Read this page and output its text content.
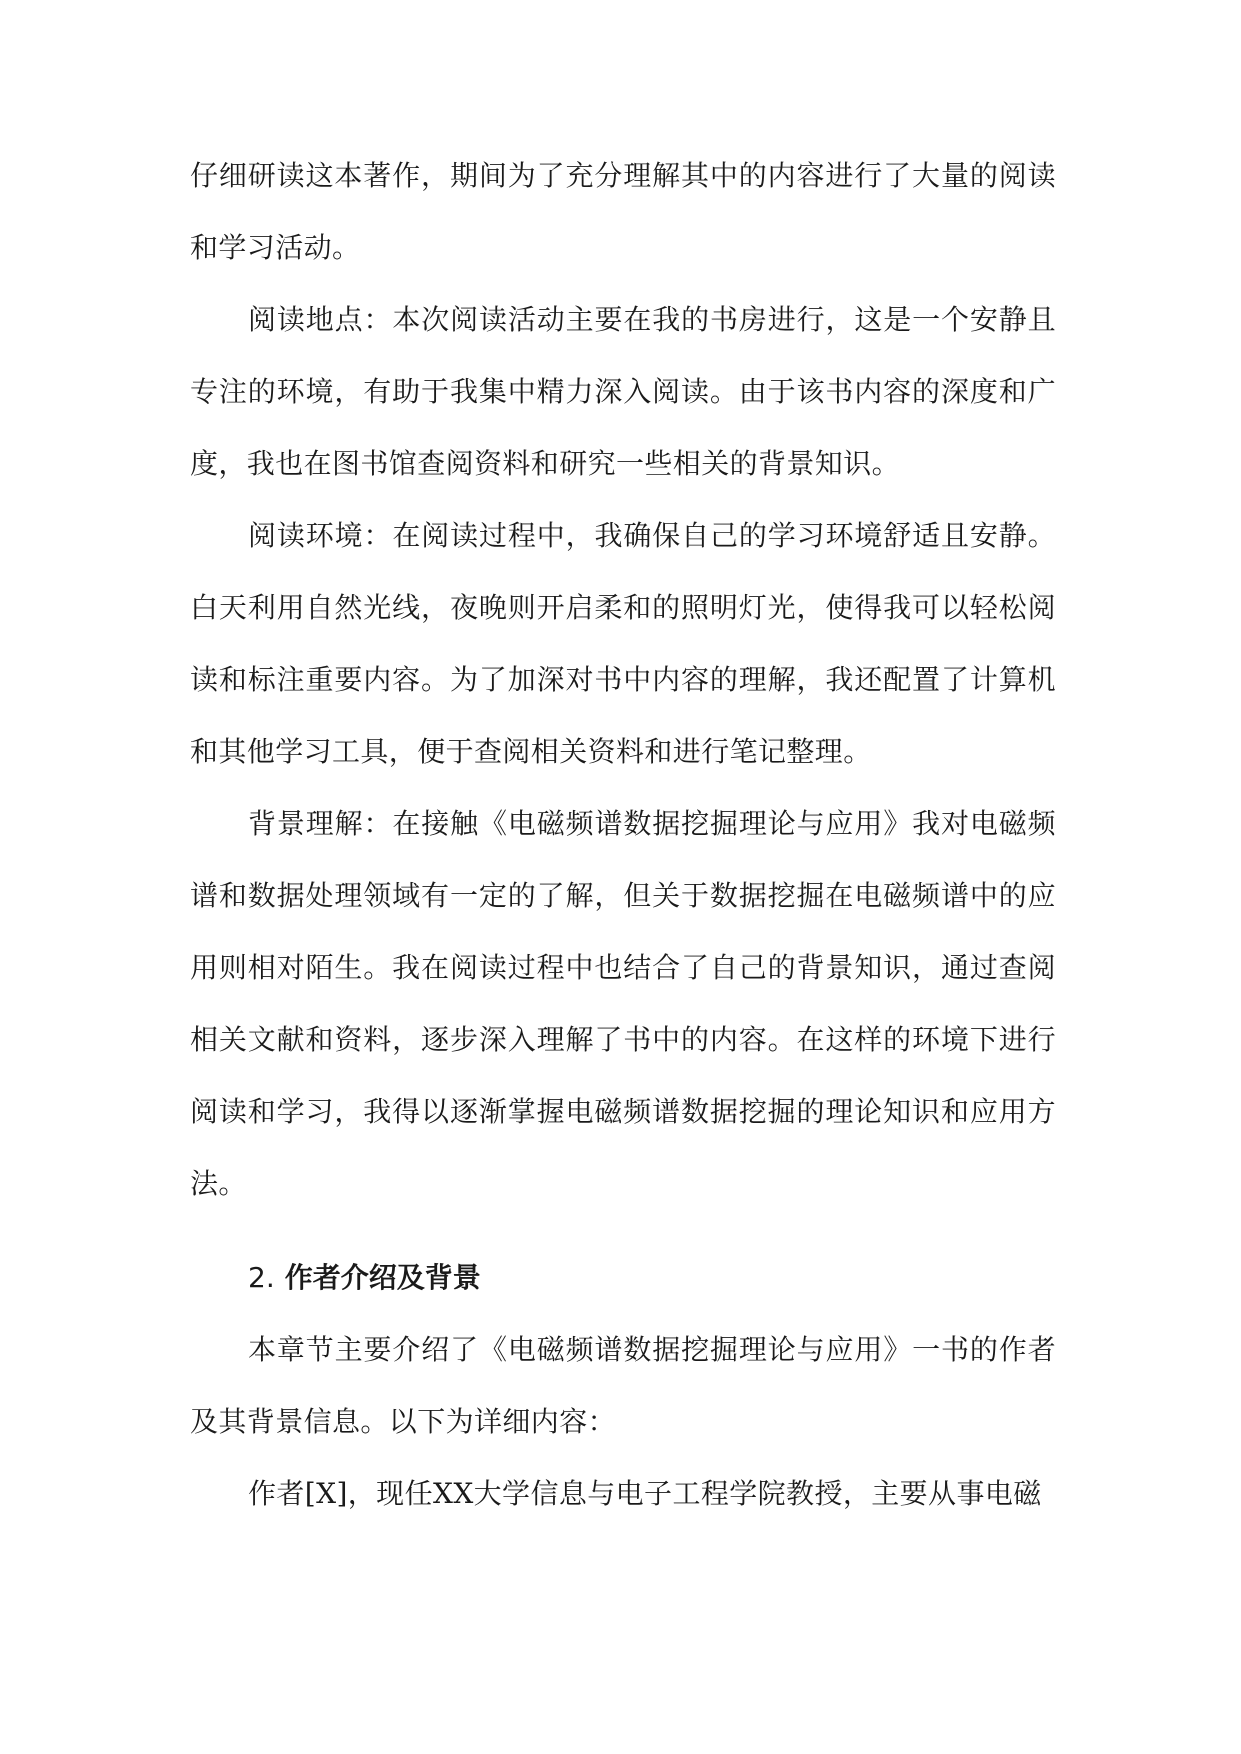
仔细研读这本著作，期间为了充分理解其中的内容进行了大量的阅读和学习活动。

阅读地点：本次阅读活动主要在我的书房进行，这是一个安静且专注的环境，有助于我集中精力深入阅读。由于该书内容的深度和广度，我也在图书馆查阅资料和研究一些相关的背景知识。

阅读环境：在阅读过程中，我确保自己的学习环境舒适且安静。白天利用自然光线，夜晚则开启柔和的照明灯光，使得我可以轻松阅读和标注重要内容。为了加深对书中内容的理解，我还配置了计算机和其他学习工具，便于查阅相关资料和进行笔记整理。

背景理解：在接触《电磁频谱数据挖掘理论与应用》我对电磁频谱和数据处理领域有一定的了解，但关于数据挖掘在电磁频谱中的应用则相对陌生。我在阅读过程中也结合了自己的背景知识，通过查阅相关文献和资料，逐步深入理解了书中的内容。在这样的环境下进行阅读和学习，我得以逐渐掌握电磁频谱数据挖掘的理论知识和应用方法。

2. 作者介绍及背景

本章节主要介绍了《电磁频谱数据挖掘理论与应用》一书的作者及其背景信息。以下为详细内容：

作者[X]，现任XX大学信息与电子工程学院教授，主要从事电磁
